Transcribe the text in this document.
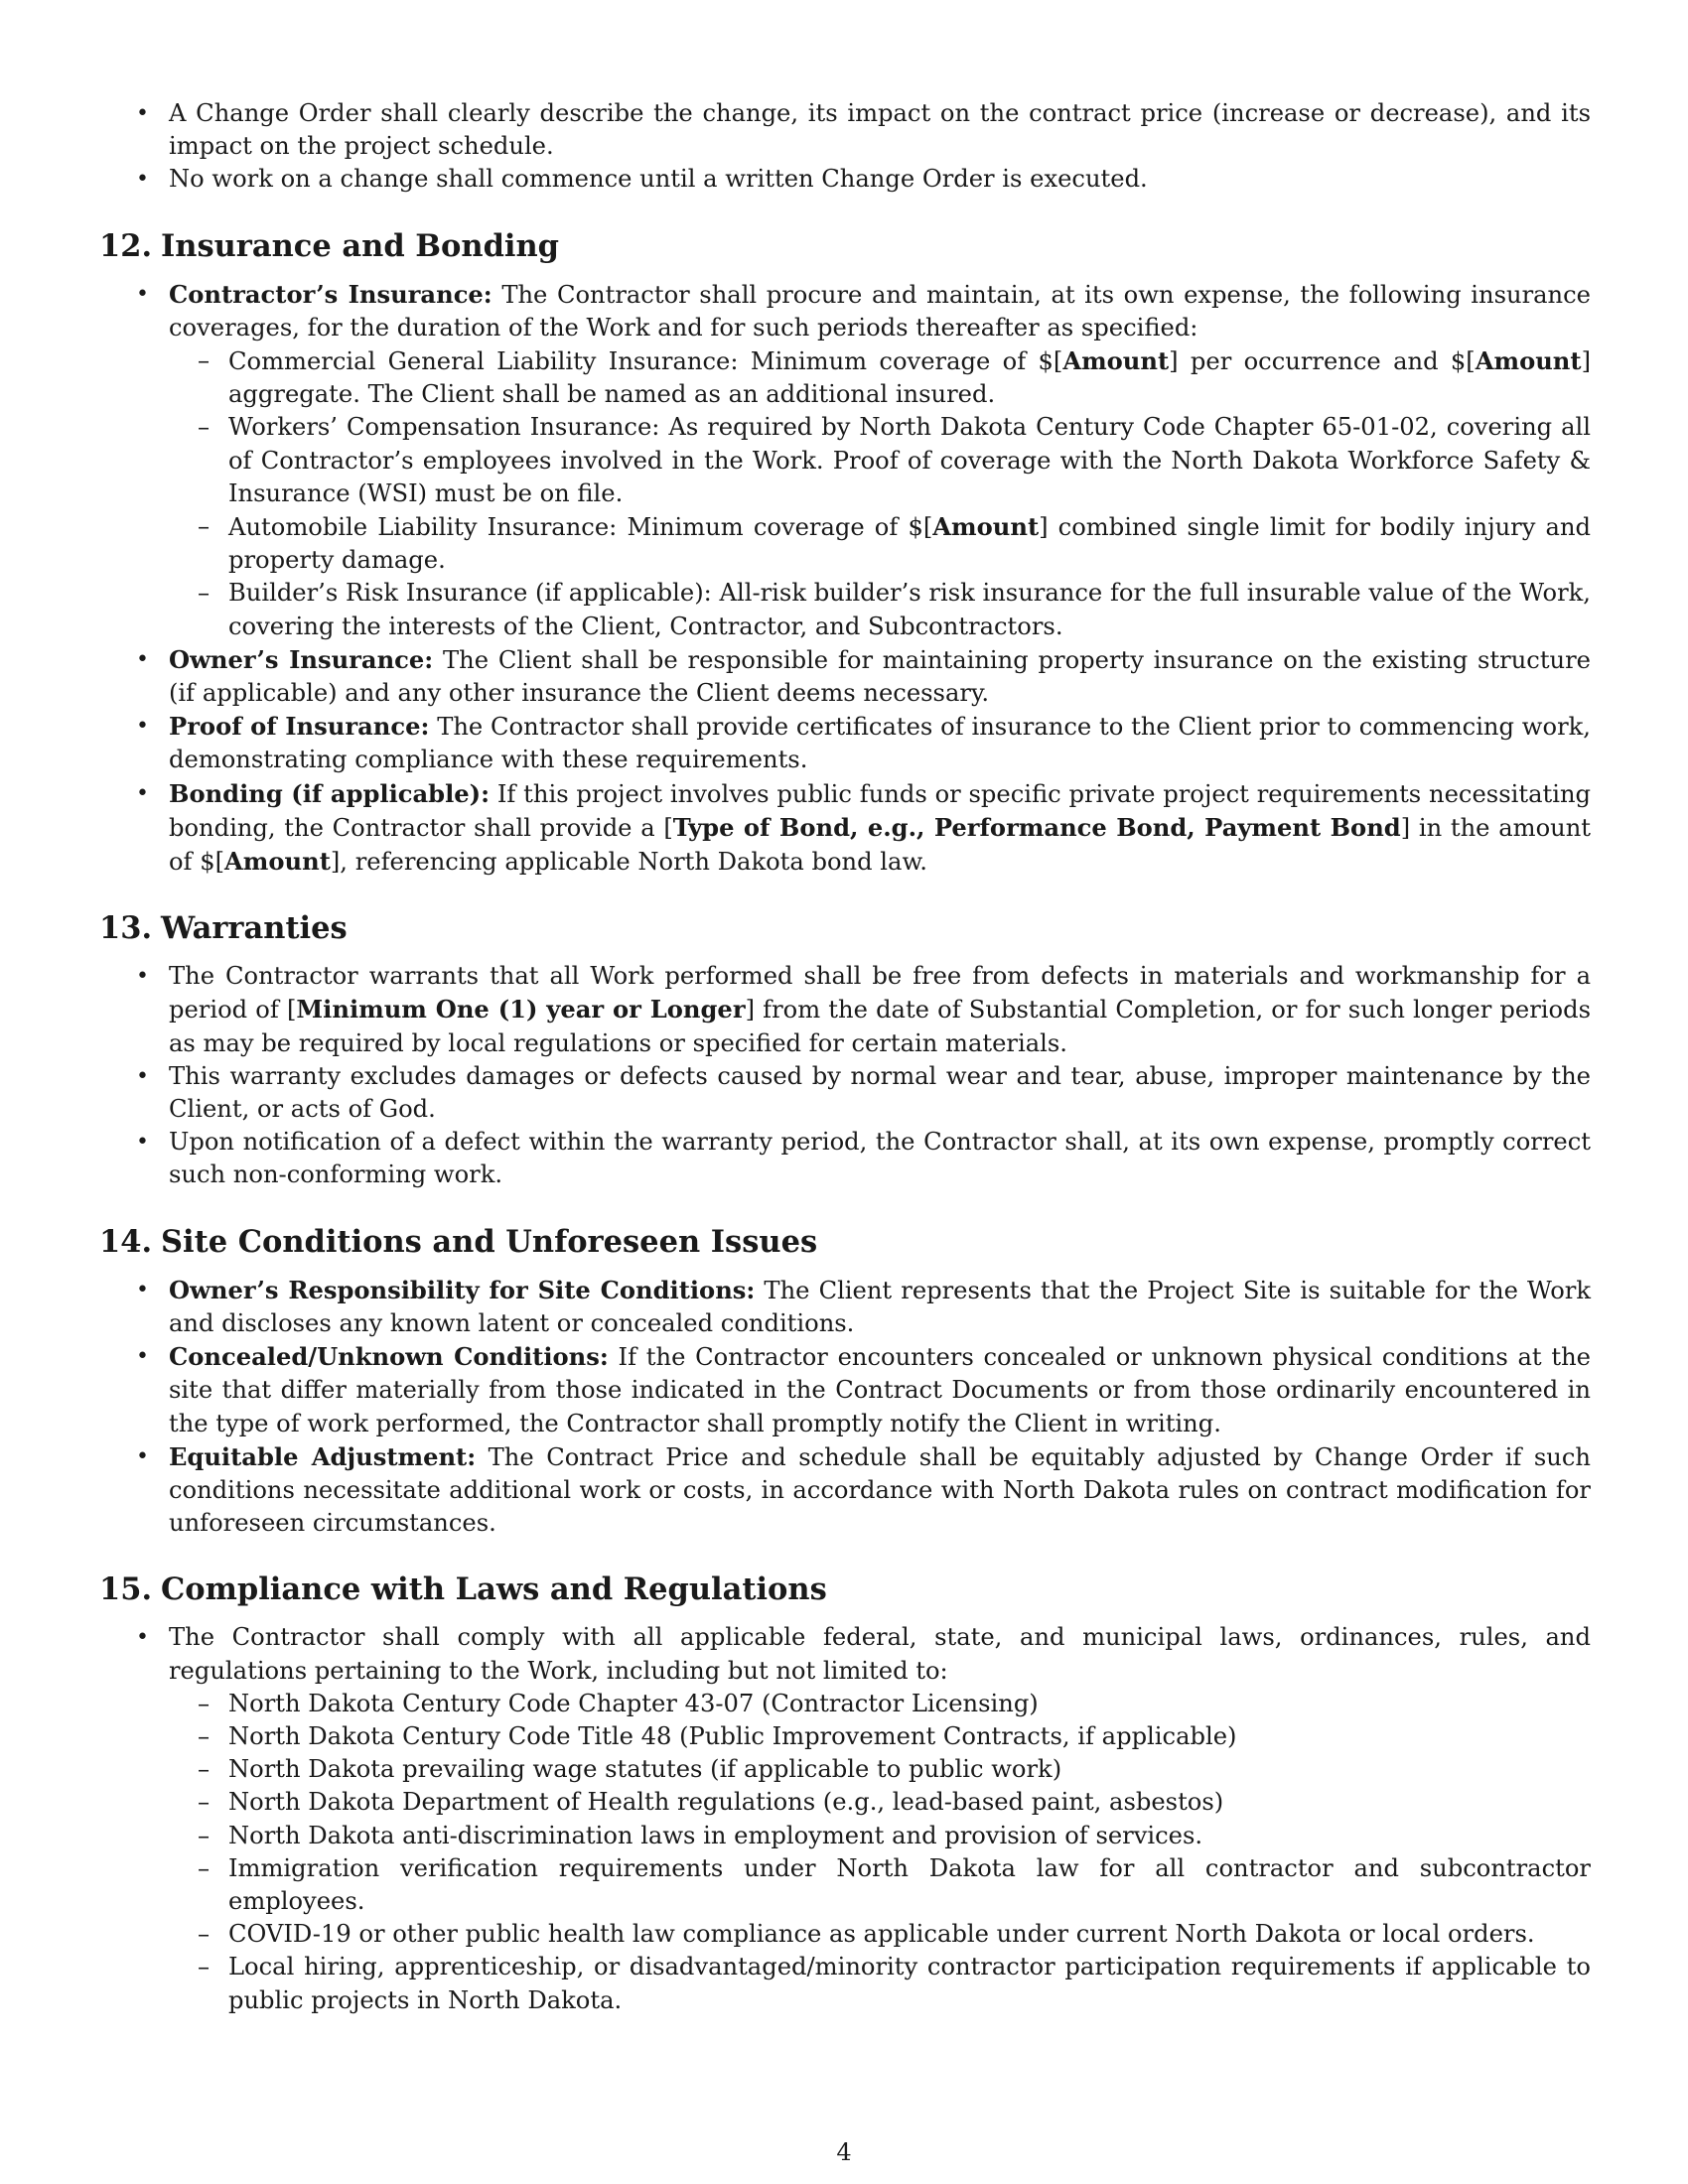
• A Change Order shall clearly describe the change, its impact on the contract price (increase or decrease), and its impact on the project schedule.
• No work on a change shall commence until a written Change Order is executed.
12. Insurance and Bonding
• Contractor’s Insurance: The Contractor shall procure and maintain, at its own expense, the following insurance coverages, for the duration of the Work and for such periods thereafter as specified:
– Commercial General Liability Insurance: Minimum coverage of $[Amount] per occurrence and $[Amount] aggregate. The Client shall be named as an additional insured.
– Workers’ Compensation Insurance: As required by North Dakota Century Code Chapter 65-01-02, covering all of Contractor’s employees involved in the Work. Proof of coverage with the North Dakota Workforce Safety & Insurance (WSI) must be on file.
– Automobile Liability Insurance: Minimum coverage of $[Amount] combined single limit for bodily injury and property damage.
– Builder’s Risk Insurance (if applicable): All-risk builder’s risk insurance for the full insurable value of the Work, covering the interests of the Client, Contractor, and Subcontractors.
• Owner’s Insurance: The Client shall be responsible for maintaining property insurance on the existing structure (if applicable) and any other insurance the Client deems necessary.
• Proof of Insurance: The Contractor shall provide certificates of insurance to the Client prior to commencing work, demonstrating compliance with these requirements.
• Bonding (if applicable): If this project involves public funds or specific private project requirements necessitating bonding, the Contractor shall provide a [Type of Bond, e.g., Performance Bond, Payment Bond] in the amount of $[Amount], referencing applicable North Dakota bond law.
13. Warranties
• The Contractor warrants that all Work performed shall be free from defects in materials and workmanship for a period of [Minimum One (1) year or Longer] from the date of Substantial Completion, or for such longer periods as may be required by local regulations or specified for certain materials.
• This warranty excludes damages or defects caused by normal wear and tear, abuse, improper maintenance by the Client, or acts of God.
• Upon notification of a defect within the warranty period, the Contractor shall, at its own expense, promptly correct such non-conforming work.
14. Site Conditions and Unforeseen Issues
• Owner’s Responsibility for Site Conditions: The Client represents that the Project Site is suitable for the Work and discloses any known latent or concealed conditions.
• Concealed/Unknown Conditions: If the Contractor encounters concealed or unknown physical conditions at the site that differ materially from those indicated in the Contract Documents or from those ordinarily encountered in the type of work performed, the Contractor shall promptly notify the Client in writing.
• Equitable Adjustment: The Contract Price and schedule shall be equitably adjusted by Change Order if such conditions necessitate additional work or costs, in accordance with North Dakota rules on contract modification for unforeseen circumstances.
15. Compliance with Laws and Regulations
• The Contractor shall comply with all applicable federal, state, and municipal laws, ordinances, rules, and regulations pertaining to the Work, including but not limited to:
– North Dakota Century Code Chapter 43-07 (Contractor Licensing)
– North Dakota Century Code Title 48 (Public Improvement Contracts, if applicable)
– North Dakota prevailing wage statutes (if applicable to public work)
– North Dakota Department of Health regulations (e.g., lead-based paint, asbestos)
– North Dakota anti-discrimination laws in employment and provision of services.
– Immigration verification requirements under North Dakota law for all contractor and subcontractor employees.
– COVID-19 or other public health law compliance as applicable under current North Dakota or local orders.
– Local hiring, apprenticeship, or disadvantaged/minority contractor participation requirements if applicable to public projects in North Dakota.
4
